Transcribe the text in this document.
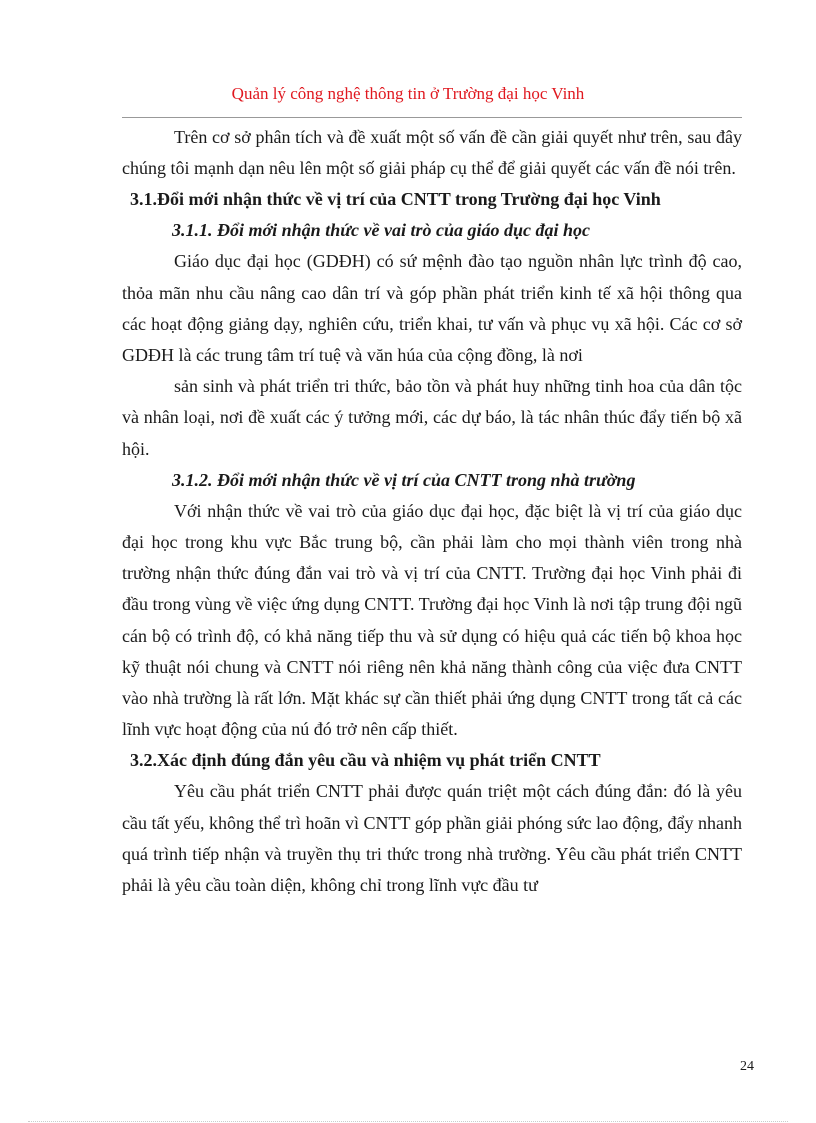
Quản lý công nghệ thông tin ở Trường đại học Vinh

Trên cơ sở phân tích và đề xuất một số vấn đề cần giải quyết như trên, sau đây chúng tôi mạnh dạn nêu lên một số giải pháp cụ thể để giải quyết các vấn đề nói trên.

3.1.Đổi mới nhận thức về vị trí của CNTT trong Trường đại học Vinh
3.1.1. Đổi mới nhận thức về vai trò của giáo dục đại học

Giáo dục đại học (GDĐH) có sứ mệnh đào tạo nguồn nhân lực trình độ cao, thỏa mãn nhu cầu nâng cao dân trí và góp phần phát triển kinh tế xã hội thông qua các hoạt động giảng dạy, nghiên cứu, triển khai, tư vấn và phục vụ xã hội. Các cơ sở GDĐH là các trung tâm trí tuệ và văn húa của cộng đồng, là nơi

sản sinh và phát triển tri thức, bảo tồn và phát huy những tinh hoa của dân tộc và nhân loại, nơi đề xuất các ý tưởng mới, các dự báo, là tác nhân thúc đẩy tiến bộ xã hội.

3.1.2. Đổi mới nhận thức về vị trí của CNTT trong nhà trường

Với nhận thức về vai trò của giáo dục đại học, đặc biệt là vị trí của giáo dục đại học trong khu vực Bắc trung bộ, cần phải làm cho mọi thành viên trong nhà trường nhận thức đúng đắn vai trò và vị trí của CNTT. Trường đại học Vinh phải đi đầu trong vùng về việc ứng dụng CNTT. Trường đại học Vinh là nơi tập trung đội ngũ cán bộ có trình độ, có khả năng tiếp thu và sử dụng có hiệu quả các tiến bộ khoa học kỹ thuật nói chung và CNTT nói riêng nên khả năng thành công của việc đưa CNTT vào nhà trường là rất lớn. Mặt khác sự cần thiết phải ứng dụng CNTT trong tất cả các lĩnh vực hoạt động của nú đó trở nên cấp thiết.

3.2.Xác định đúng đắn yêu cầu và nhiệm vụ phát triển CNTT

Yêu cầu phát triển CNTT phải được quán triệt một cách đúng đắn: đó là yêu cầu tất yếu, không thể trì hoãn vì CNTT góp phần giải phóng sức lao động, đẩy nhanh quá trình tiếp nhận và truyền thụ tri thức trong nhà trường. Yêu cầu phát triển CNTT phải là yêu cầu toàn diện, không chỉ trong lĩnh vực đầu tư

24
